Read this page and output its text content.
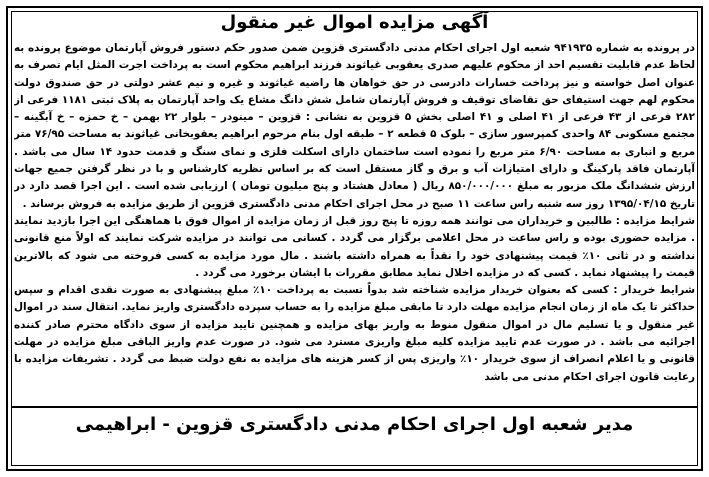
آگهی مزایده اموال غیر منقول

در پرونده به شماره ۹۴۱۹۳۵ شعبه اول اجرای احکام مدنی دادگستری قزوین ضمن صدور حکم دستور فروش آپارتمان موضوع پرونده به لحاظ عدم قابلیت تقسیم احد از محکوم علیهم صدری یعقوبی غیاثوند فرزند ابراهیم محکوم است به پرداخت اجرت المثل ایام تصرف به عنوان اصل خواسته و نیز پرداخت خسارات دادرسی در حق خواهان ها راضیه غیاثوند و غیره و نیم عشر دولتی در حق صندوق دولت محکوم لهم جهت استیفای حق تقاضای توقیف و فروش آپارتمان شامل شش دانگ مشاع یک واحد آپارتمان به پلاک ثبتی ۱۱۸۱ فرعی از ۲۸۲ فرعی از ۴۳ فرعی از ۴۱ اصلی و ۴۱ اصلی بخش ۵ قزوین به نشانی : قزوین – مینودر – بلوار ۲۲ بهمن – خ حمزه – خ آبگینه – مجتمع مسکونی ۸۴ واحدی کمپرسور سازی – بلوک ۵ قطعه ۲ – طبقه اول بنام مرحوم ابراهیم یعقوبخانی غیاثوند به مساحت ۷۶/۹۵ متر مربع و انباری به مساحت ۶/۹۰ متر مربع را نموده است ساختمان دارای اسکلت فلزی و نمای سنگ و قدمت حدود ۱۴ سال می باشد . آپارتمان فاقد پارکینگ و دارای امتیازات آب و برق و گاز مستقل است که بر اساس نظریه کارشناس و با در نظر گرفتن جمیع جهات ارزش ششدانگ ملک مزبور به مبلغ ۸۵۰/۰۰۰/۰۰۰ ریال ( معادل هشتاد و پنج میلیون تومان ) ارزیابی شده است . این اجرا قصد دارد در تاریخ ۱۳۹۵/۰۴/۱۵ روز سه شنبه راس ساعت ۱۱ صبح در محل اجرای احکام مدنی دادگستری قزوین از طریق مزایده به فروش برساند .

شرایط مزایده : طالبین و خریداران می توانند همه روزه تا پنج روز قبل از زمان مزایده از اموال فوق با هماهنگی این اجرا بازدید نمایند . مزایده حضوری بوده و راس ساعت در محل اعلامی برگزار می گردد . کسانی می توانند در مزایده شرکت نمایند که اولاً منع قانونی نداشته و در ثانی ۱۰٪ قیمت پیشنهادی خود را نقداً به همراه داشته باشند . مال مورد مزایده به کسی فروخته می شود که بالاترین قیمت را پیشنهاد نماید . کسی که در مزایده اخلال نماید مطابق مقررات با ایشان برخورد می گردد .

شرایط خریدار : کسی که بعنوان خریدار مزایده شناخته شد بدواً نسبت به پرداخت ۱۰٪ مبلغ پیشنهادی به صورت نقدی اقدام و سپس حداکثر تا یک ماه از زمان انجام مزایده مهلت دارد تا مابقی مبلغ مزایده را به حساب سپرده دادگستری واریز نماید. انتقال سند در اموال غیر منقول و یا تسلیم مال در اموال منقول منوط به واریز بهای مزایده و همچنین تایید مزایده از سوی دادگاه محترم صادر کننده اجرائیه می باشد . در صورت عدم تایید مزایده کلیه مبلغ واریزی مسترد می شود. در صورت عدم واریز الباقی مبلغ مزایده در مهلت قانونی و یا اعلام انصراف از سوی خریدار ۱۰٪ واریزی پس از کسر هزینه های مزایده به نفع دولت ضبط می گردد . تشریفات مزایده با رعایت قانون اجرای احکام مدنی می باشد

مدیر شعبه اول اجرای احکام مدنی دادگستری قزوین - ابراهیمی
